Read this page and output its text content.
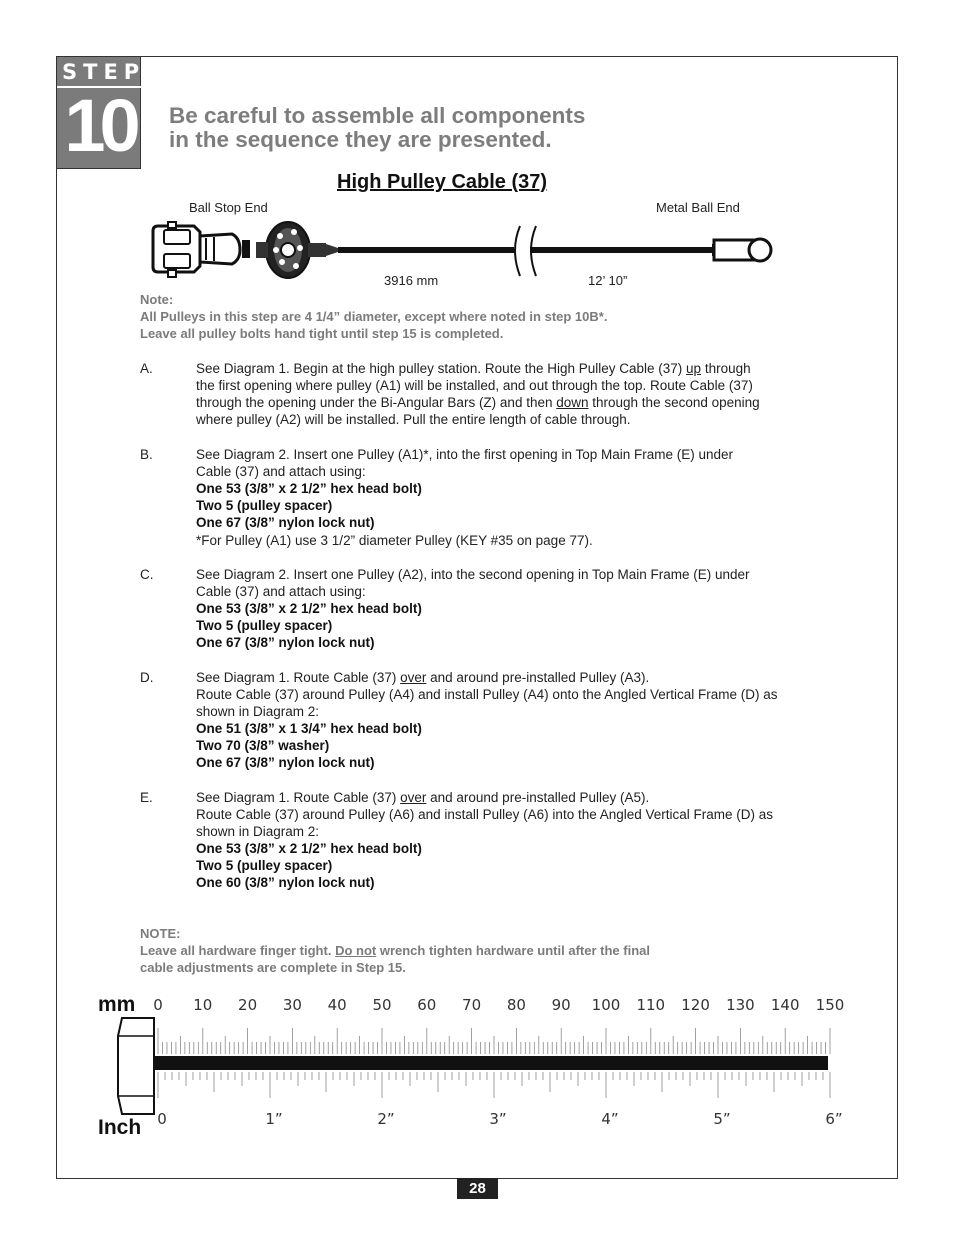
STEP
10	Be careful to assemble all components
in the sequence they are presented.
High Pulley Cable (37)
Ball Stop End	Metal Ball End
3916 mm	12’ 10”
Note:
All Pulleys in this step are 4 1/4” diameter, except where noted in step 10B*.
Leave all pulley bolts hand tight until step 15 is completed.
A.	See Diagram 1. Begin at the high pulley station. Route the High Pulley Cable (37) up through
the first opening where pulley (A1) will be installed, and out through the top. Route Cable (37)
through the opening under the Bi-Angular Bars (Z) and then down through the second opening
where pulley (A2) will be installed. Pull the entire length of cable through.
B.	See Diagram 2. Insert one Pulley (A1)*, into the first opening in Top Main Frame (E) under
Cable (37) and attach using:
One 53 (3/8” x 2 1/2” hex head bolt)
Two 5 (pulley spacer)
One 67 (3/8” nylon lock nut)
*For Pulley (A1) use 3 1/2” diameter Pulley (KEY #35 on page 77).
C.	See Diagram 2. Insert one Pulley (A2), into the second opening in Top Main Frame (E) under
Cable (37) and attach using:
One 53 (3/8” x 2 1/2” hex head bolt)
Two 5 (pulley spacer)
One 67 (3/8” nylon lock nut)
D.	See Diagram 1. Route Cable (37) over and around pre-installed Pulley (A3).
Route Cable (37) around Pulley (A4) and install Pulley (A4) onto the Angled Vertical Frame (D) as
shown in Diagram 2:
One 51 (3/8” x 1 3/4” hex head bolt)
Two 70 (3/8” washer)
One 67 (3/8” nylon lock nut)
E.	See Diagram 1. Route Cable (37) over and around pre-installed Pulley (A5).
Route Cable (37) around Pulley (A6) and install Pulley (A6) into the Angled Vertical Frame (D) as
shown in Diagram 2:
One 53 (3/8” x 2 1/2” hex head bolt)
Two 5 (pulley spacer)
One 60 (3/8” nylon lock nut)
NOTE:
Leave all hardware finger tight. Do not wrench tighten hardware until after the final
cable adjustments are complete in Step 15.
mm
Inch
0 10 20 30 40 50 60 70 80 90 100 110 120 130 140 150
0	1”	2”	3”	4”	5”	6”
28
